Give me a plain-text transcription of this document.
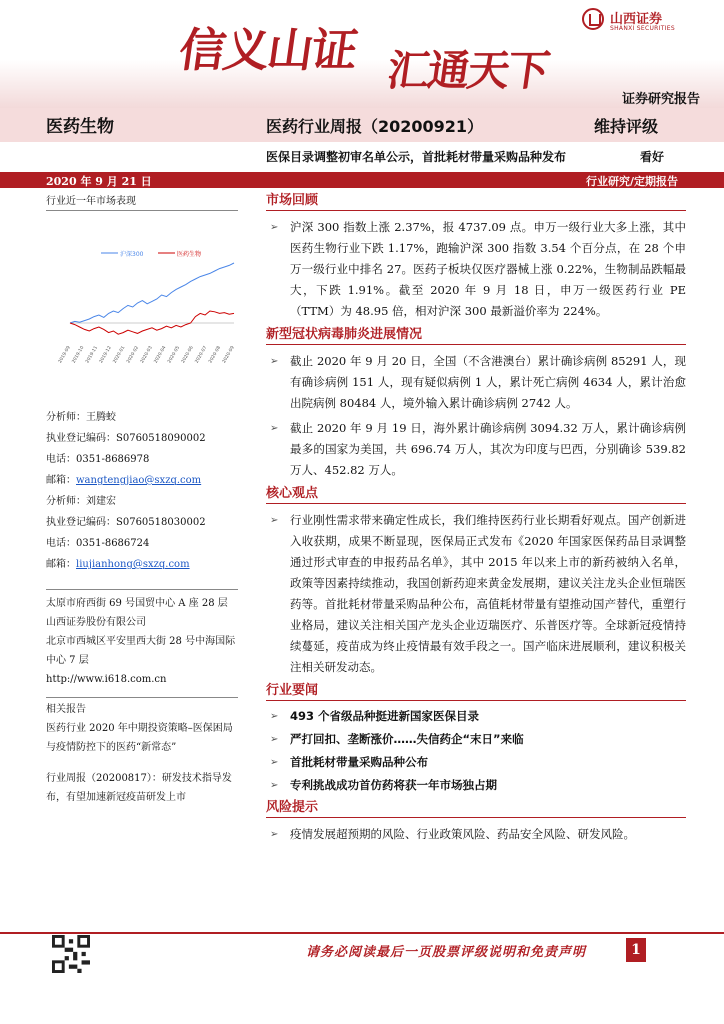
信义山证 汇通天下
山西证券
SHANXI SECURITIES
证券研究报告
医药生物	医药行业周报（20200921）	维持评级
医保目录调整初审名单公示，首批耗材带量采购品种发布	看好
2020 年 9 月 21 日	行业研究/定期报告
行业近一年市场表现
沪深300	医药生物
2019-09 2019-10 2019-11 2019-12 2020-01 2020-02 2020-03 2020-04 2020-05 2020-06 2020-07 2020-08 2020-09
分析师：王腾蛟
执业登记编码：S0760518090002
电话：0351-8686978
邮箱：wangtengjiao@sxzq.com
分析师：刘建宏
执业登记编码：S0760518030002
电话：0351-8686724
邮箱：liujianhong@sxzq.com
太原市府西街 69 号国贸中心 A 座 28 层
山西证券股份有限公司
北京市西城区平安里西大街 28 号中海国际中心 7 层
http://www.i618.com.cn
相关报告
医药行业 2020 年中期投资策略–医保困局与疫情防控下的医药“新常态”
行业周报（20200817）：研发技术指导发布，有望加速新冠疫苗研发上市
市场回顾
➢ 沪深 300 指数上涨 2.37%，报 4737.09 点。申万一级行业大多上涨，其中医药生物行业下跌 1.17%，跑输沪深 300 指数 3.54 个百分点，在 28 个申万一级行业中排名 27。医药子板块仅医疗器械上涨 0.22%，生物制品跌幅最大，下跌 1.91%。截至 2020 年 9 月 18 日，申万一级医药行业 PE（TTM）为 48.95 倍，相对沪深 300 最新溢价率为 224%。
新型冠状病毒肺炎进展情况
➢ 截止 2020 年 9 月 20 日，全国（不含港澳台）累计确诊病例 85291 人，现有确诊病例 151 人，现有疑似病例 1 人，累计死亡病例 4634 人，累计治愈出院病例 80484 人，境外输入累计确诊病例 2742 人。
➢ 截止 2020 年 9 月 19 日，海外累计确诊病例 3094.32 万人，累计确诊病例最多的国家为美国，共 696.74 万人，其次为印度与巴西，分别确诊 539.82 万人、452.82 万人。
核心观点
➢ 行业刚性需求带来确定性成长，我们维持医药行业长期看好观点。国产创新进入收获期，成果不断显现，医保局正式发布《2020 年国家医保药品目录调整通过形式审查的申报药品名单》，其中 2015 年以来上市的新药被纳入名单，政策等因素持续推动，我国创新药迎来黄金发展期，建议关注龙头企业恒瑞医药等。首批耗材带量采购品种公布，高值耗材带量有望推动国产替代，重塑行业格局，建议关注相关国产龙头企业迈瑞医疗、乐普医疗等。全球新冠疫情持续蔓延，疫苗成为终止疫情最有效手段之一。国产临床进展顺利，建议积极关注相关研发动态。
行业要闻
➢ 493 个省级品种挺进新国家医保目录
➢ 严打回扣、垄断涨价……失信药企“末日”来临
➢ 首批耗材带量采购品种公布
➢ 专利挑战成功首仿药将获一年市场独占期
风险提示
➢ 疫情发展超预期的风险、行业政策风险、药品安全风险、研发风险。
请务必阅读最后一页股票评级说明和免责声明	1
